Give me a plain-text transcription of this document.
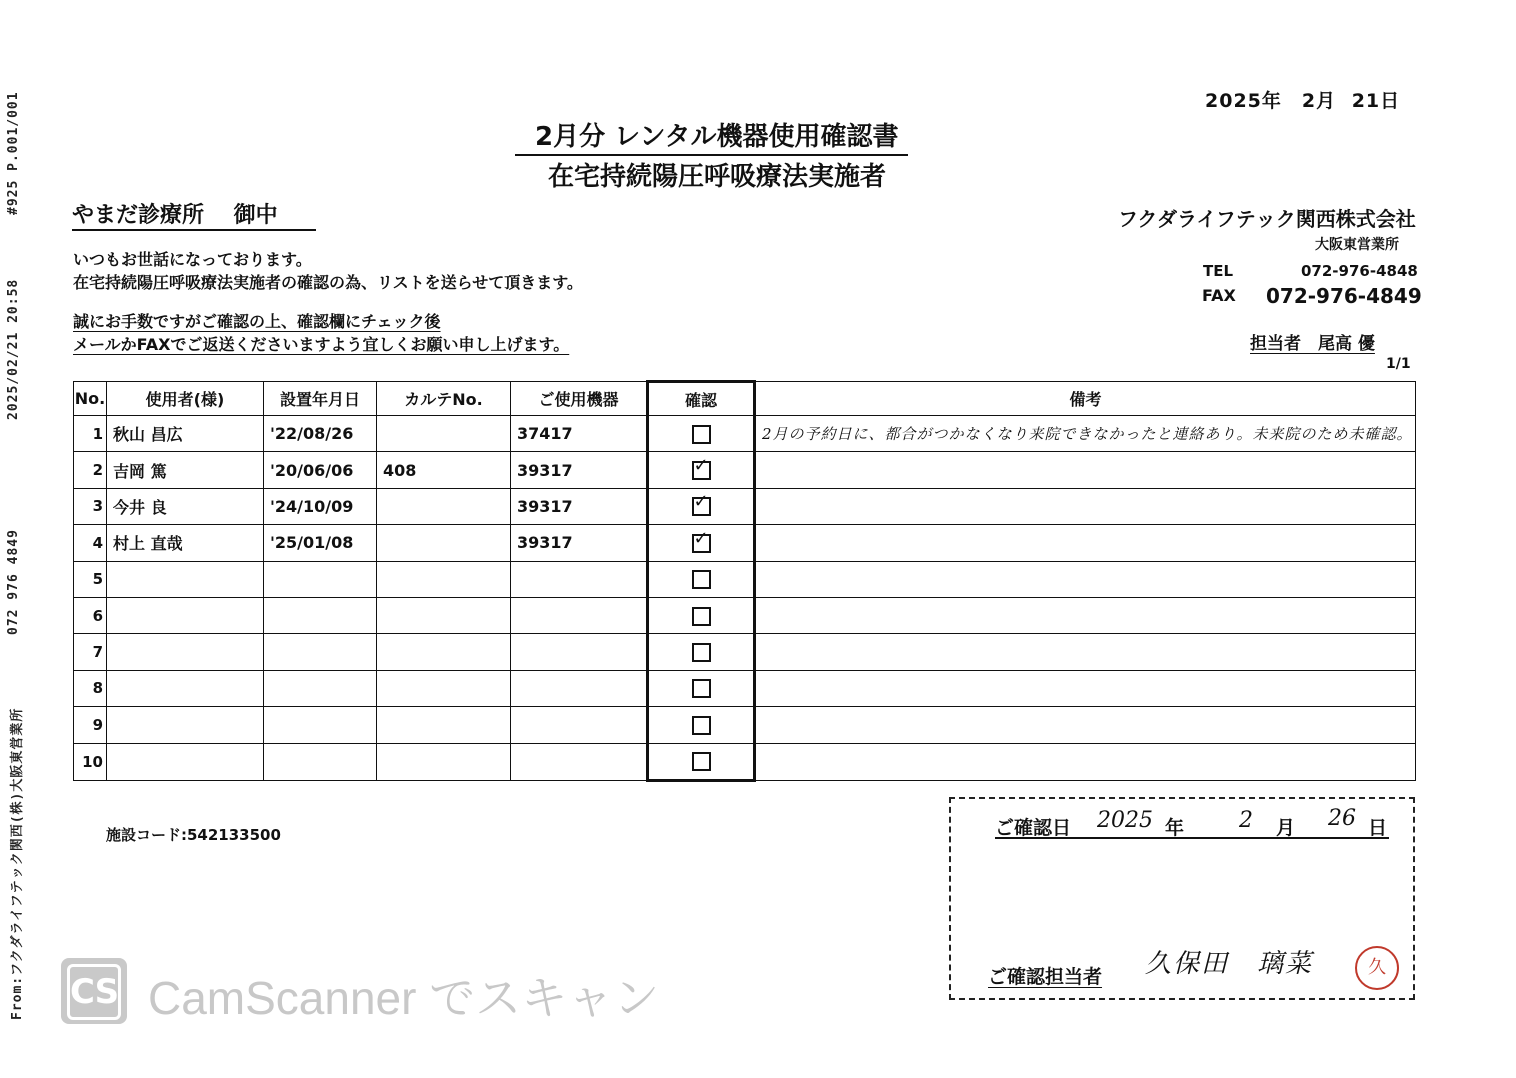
From:フクダライフテック関西(株)大阪東営業所
072 976 4849
2025/02/21 20:58
#925 P.001/001	2025年　2月 21日
2月分 レンタル機器使用確認書
在宅持続陽圧呼吸療法実施者
やまだ診療所　 御中	フクダライフテック関西株式会社
大阪東営業所
TEL	072-976-4848
FAX 072-976-4849
いつもお世話になっております。
在宅持続陽圧呼吸療法実施者の確認の為、リストを送らせて頂きます。
誠にお手数ですがご確認の上、確認欄にチェック後
メールかFAXでご返送くださいますよう宜しくお願い申し上げます。	担当者　尾高 優
1/1
No.	使用者(様)	設置年月日	カルテNo.	ご使用機器	確認	備考
1	秋山 昌広	'22/08/26		37417		2月の予約日に、都合がつかなくなり来院できなかったと連絡あり。未来院のため未確認。
2	吉岡 篤	'20/06/06	408	39317	✓	

3	今井 良	'24/10/09		39317	✓	

4	村上 直哉	'25/01/08		39317	✓	

5					

6					

7					

8					

9					

10					

施設コード:542133500	ご確認日 2025 年 2 月 26 日
ご確認担当者 久保田　璃菜	久
CS CamScanner でスキャン
